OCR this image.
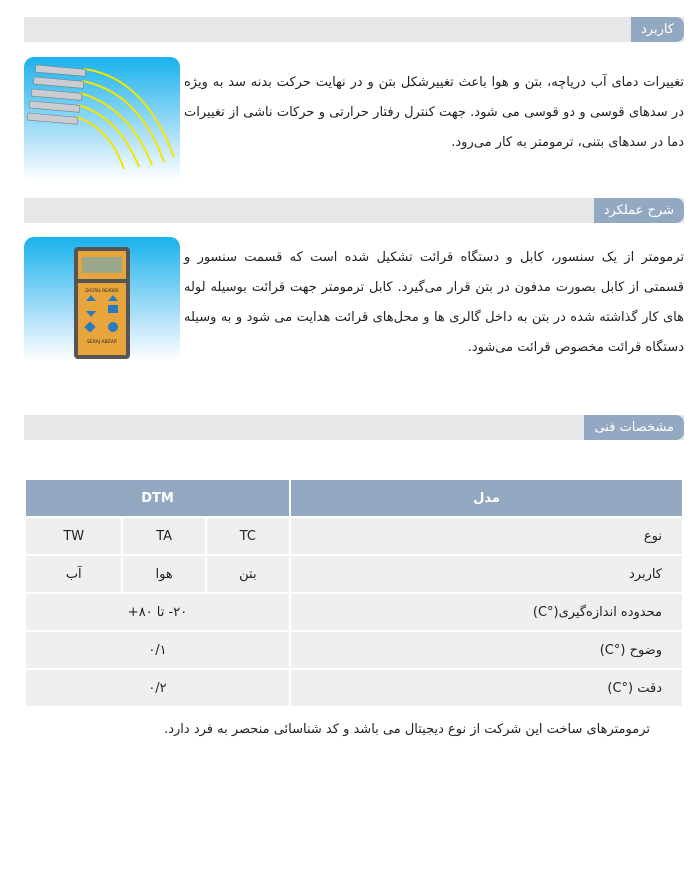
کاربرد
تغییرات دمای آب دریاچه، بتن و هوا باعث تغییرشکل بتن و در نهایت حرکت بدنه سد به ویژه در سدهای قوسی و دو قوسی می شود. جهت کنترل رفتار حرارتی و حرکات ناشی از تغییرات دما در سدهای بتنی، ترمومتر به کار می‌رود.
شرح عملکرد
DIGITAL READER
SERAJ ABZAR
ترمومتر از یک سنسور، کابل و دستگاه قرائت تشکیل شده است که قسمت سنسور و قسمتی از کابل بصورت مدفون در بتن قرار می‌گیرد. کابل ترمومتر جهت قرائت بوسیله لوله های کار گذاشته شده در بتن به داخل گالری ها و محل‌های قرائت هدایت می شود و به وسیله دستگاه قرائت مخصوص قرائت می‌شود.
مشخصات فنی
مدل	DTM		
نوع	TC	TA	TW
کاربرد	بتن	هوا	آب
محدوده اندازه‌گیری(°C)	۲۰- تا ۸۰+		
وضوح (°C)	۰/۱		
دقت (°C)	۰/۲		
ترمومترهای ساخت این شرکت از نوع دیجیتال می باشد و کد شناسائی منحصر به فرد دارد.
